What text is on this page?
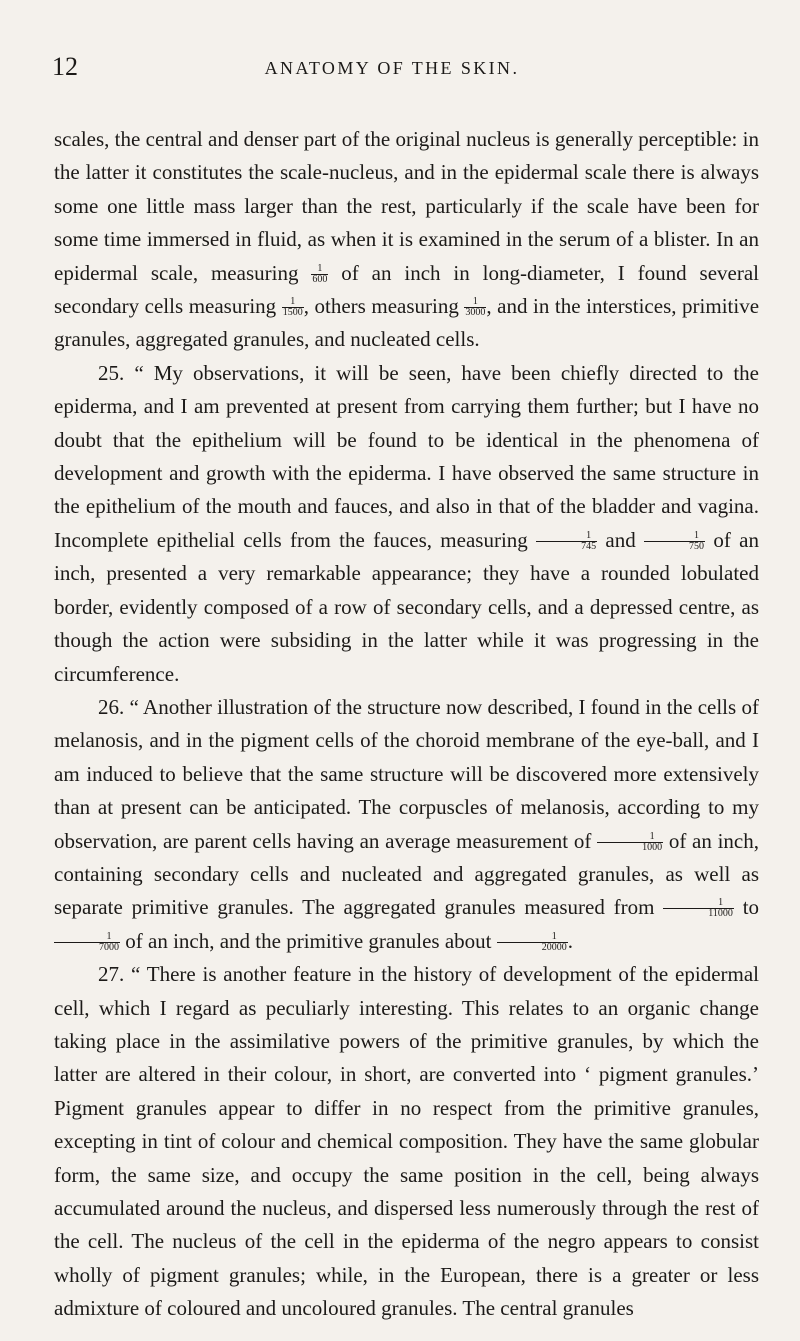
12	ANATOMY OF THE SKIN.

scales, the central and denser part of the original nucleus is generally perceptible: in the latter it constitutes the scale-nucleus, and in the epidermal scale there is always some one little mass larger than the rest, particularly if the scale have been for some time immersed in fluid, as when it is examined in the serum of a blister. In an epidermal scale, measuring $\frac{1}{600}$ of an inch in long-diameter, I found several secondary cells measuring $\frac{1}{1500}$ , others measuring $\frac{1}{3000}$ , and in the interstices, primitive granules, aggregated granules, and nucleated cells.

25. “ My observations, it will be seen, have been chiefly directed to the epiderma, and I am prevented at present from carrying them further; but I have no doubt that the epithelium will be found to be identical in the phenomena of development and growth with the epiderma. I have observed the same structure in the epithelium of the mouth and fauces, and also in that of the bladder and vagina. Incomplete epithelial cells from the fauces, measuring $\frac{1}{745}$ and $\frac{1}{750}$ of an inch, presented a very remarkable appearance; they have a rounded lobulated border, evidently composed of a row of secondary cells, and a depressed centre, as though the action were subsiding in the latter while it was progressing in the circumference.

26. “ Another illustration of the structure now described, I found in the cells of melanosis, and in the pigment cells of the choroid membrane of the eye-ball, and I am induced to believe that the same structure will be discovered more extensively than at present can be anticipated. The corpuscles of melanosis, according to my observation, are parent cells having an average measurement of $\frac{1}{1000}$ of an inch, containing secondary cells and nucleated and aggregated granules, as well as separate primitive granules. The aggregated granules measured from $\frac{1}{11000}$ to
$\frac{1}{7000}$ of an inch, and the primitive granules about $\frac{1}{20000}$ .

27. “ There is another feature in the history of development of the epidermal cell, which I regard as peculiarly interesting. This relates to an organic change taking place in the assimilative powers of the primitive granules, by which the latter are altered in their colour, in short, are converted into ‘ pigment granules.’ Pigment granules appear to differ in no respect from the primitive granules, excepting in tint of colour and chemical composition. They have the same globular form, the same size, and occupy the same position in the cell, being always accumulated around the nucleus, and dispersed less numerously through the rest of the cell. The nucleus of the cell in the epiderma of the negro appears to consist wholly of pigment granules; while, in the European, there is a greater or less admixture of coloured and uncoloured granules. The central granules
